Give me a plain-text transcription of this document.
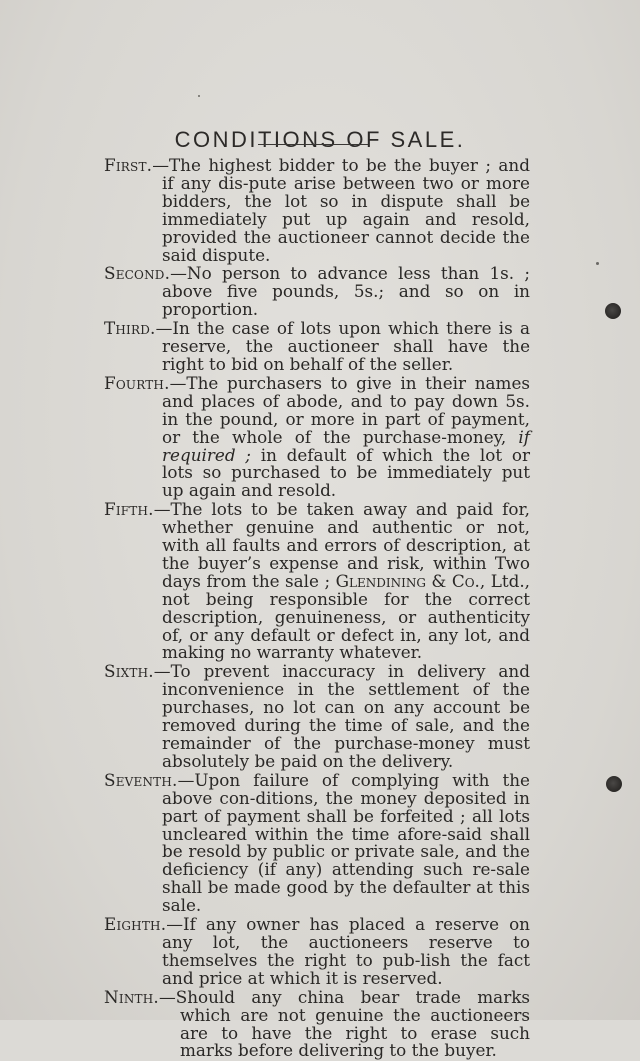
CONDITIONS OF SALE.

First.—The highest bidder to be the buyer ; and if any dis-pute arise between two or more bidders, the lot so in dispute shall be immediately put up again and resold, provided the auctioneer cannot decide the said dispute.

Second.—No person to advance less than 1s. ; above five pounds, 5s.; and so on in proportion.

Third.—In the case of lots upon which there is a reserve, the auctioneer shall have the right to bid on behalf of the seller.

Fourth.—The purchasers to give in their names and places of abode, and to pay down 5s. in the pound, or more in part of payment, or the whole of the purchase-money, if required ; in default of which the lot or lots so purchased to be immediately put up again and resold.

Fifth.—The lots to be taken away and paid for, whether genuine and authentic or not, with all faults and errors of description, at the buyer’s expense and risk, within Two days from the sale ; Glendining & Co., Ltd., not being responsible for the correct description, genuineness, or authenticity of, or any default or defect in, any lot, and making no warranty whatever.

Sixth.—To prevent inaccuracy in delivery and inconvenience in the settlement of the purchases, no lot can on any account be removed during the time of sale, and the remainder of the purchase-money must absolutely be paid on the delivery.

Seventh.—Upon failure of complying with the above con-ditions, the money deposited in part of payment shall be forfeited ; all lots uncleared within the time afore-said shall be resold by public or private sale, and the deficiency (if any) attending such re-sale shall be made good by the defaulter at this sale.

Eighth.—If any owner has placed a reserve on any lot, the auctioneers reserve to themselves the right to pub-lish the fact and price at which it is reserved.

Ninth.—Should any china bear trade marks which are not genuine the auctioneers are to have the right to erase such marks before delivering to the buyer.
